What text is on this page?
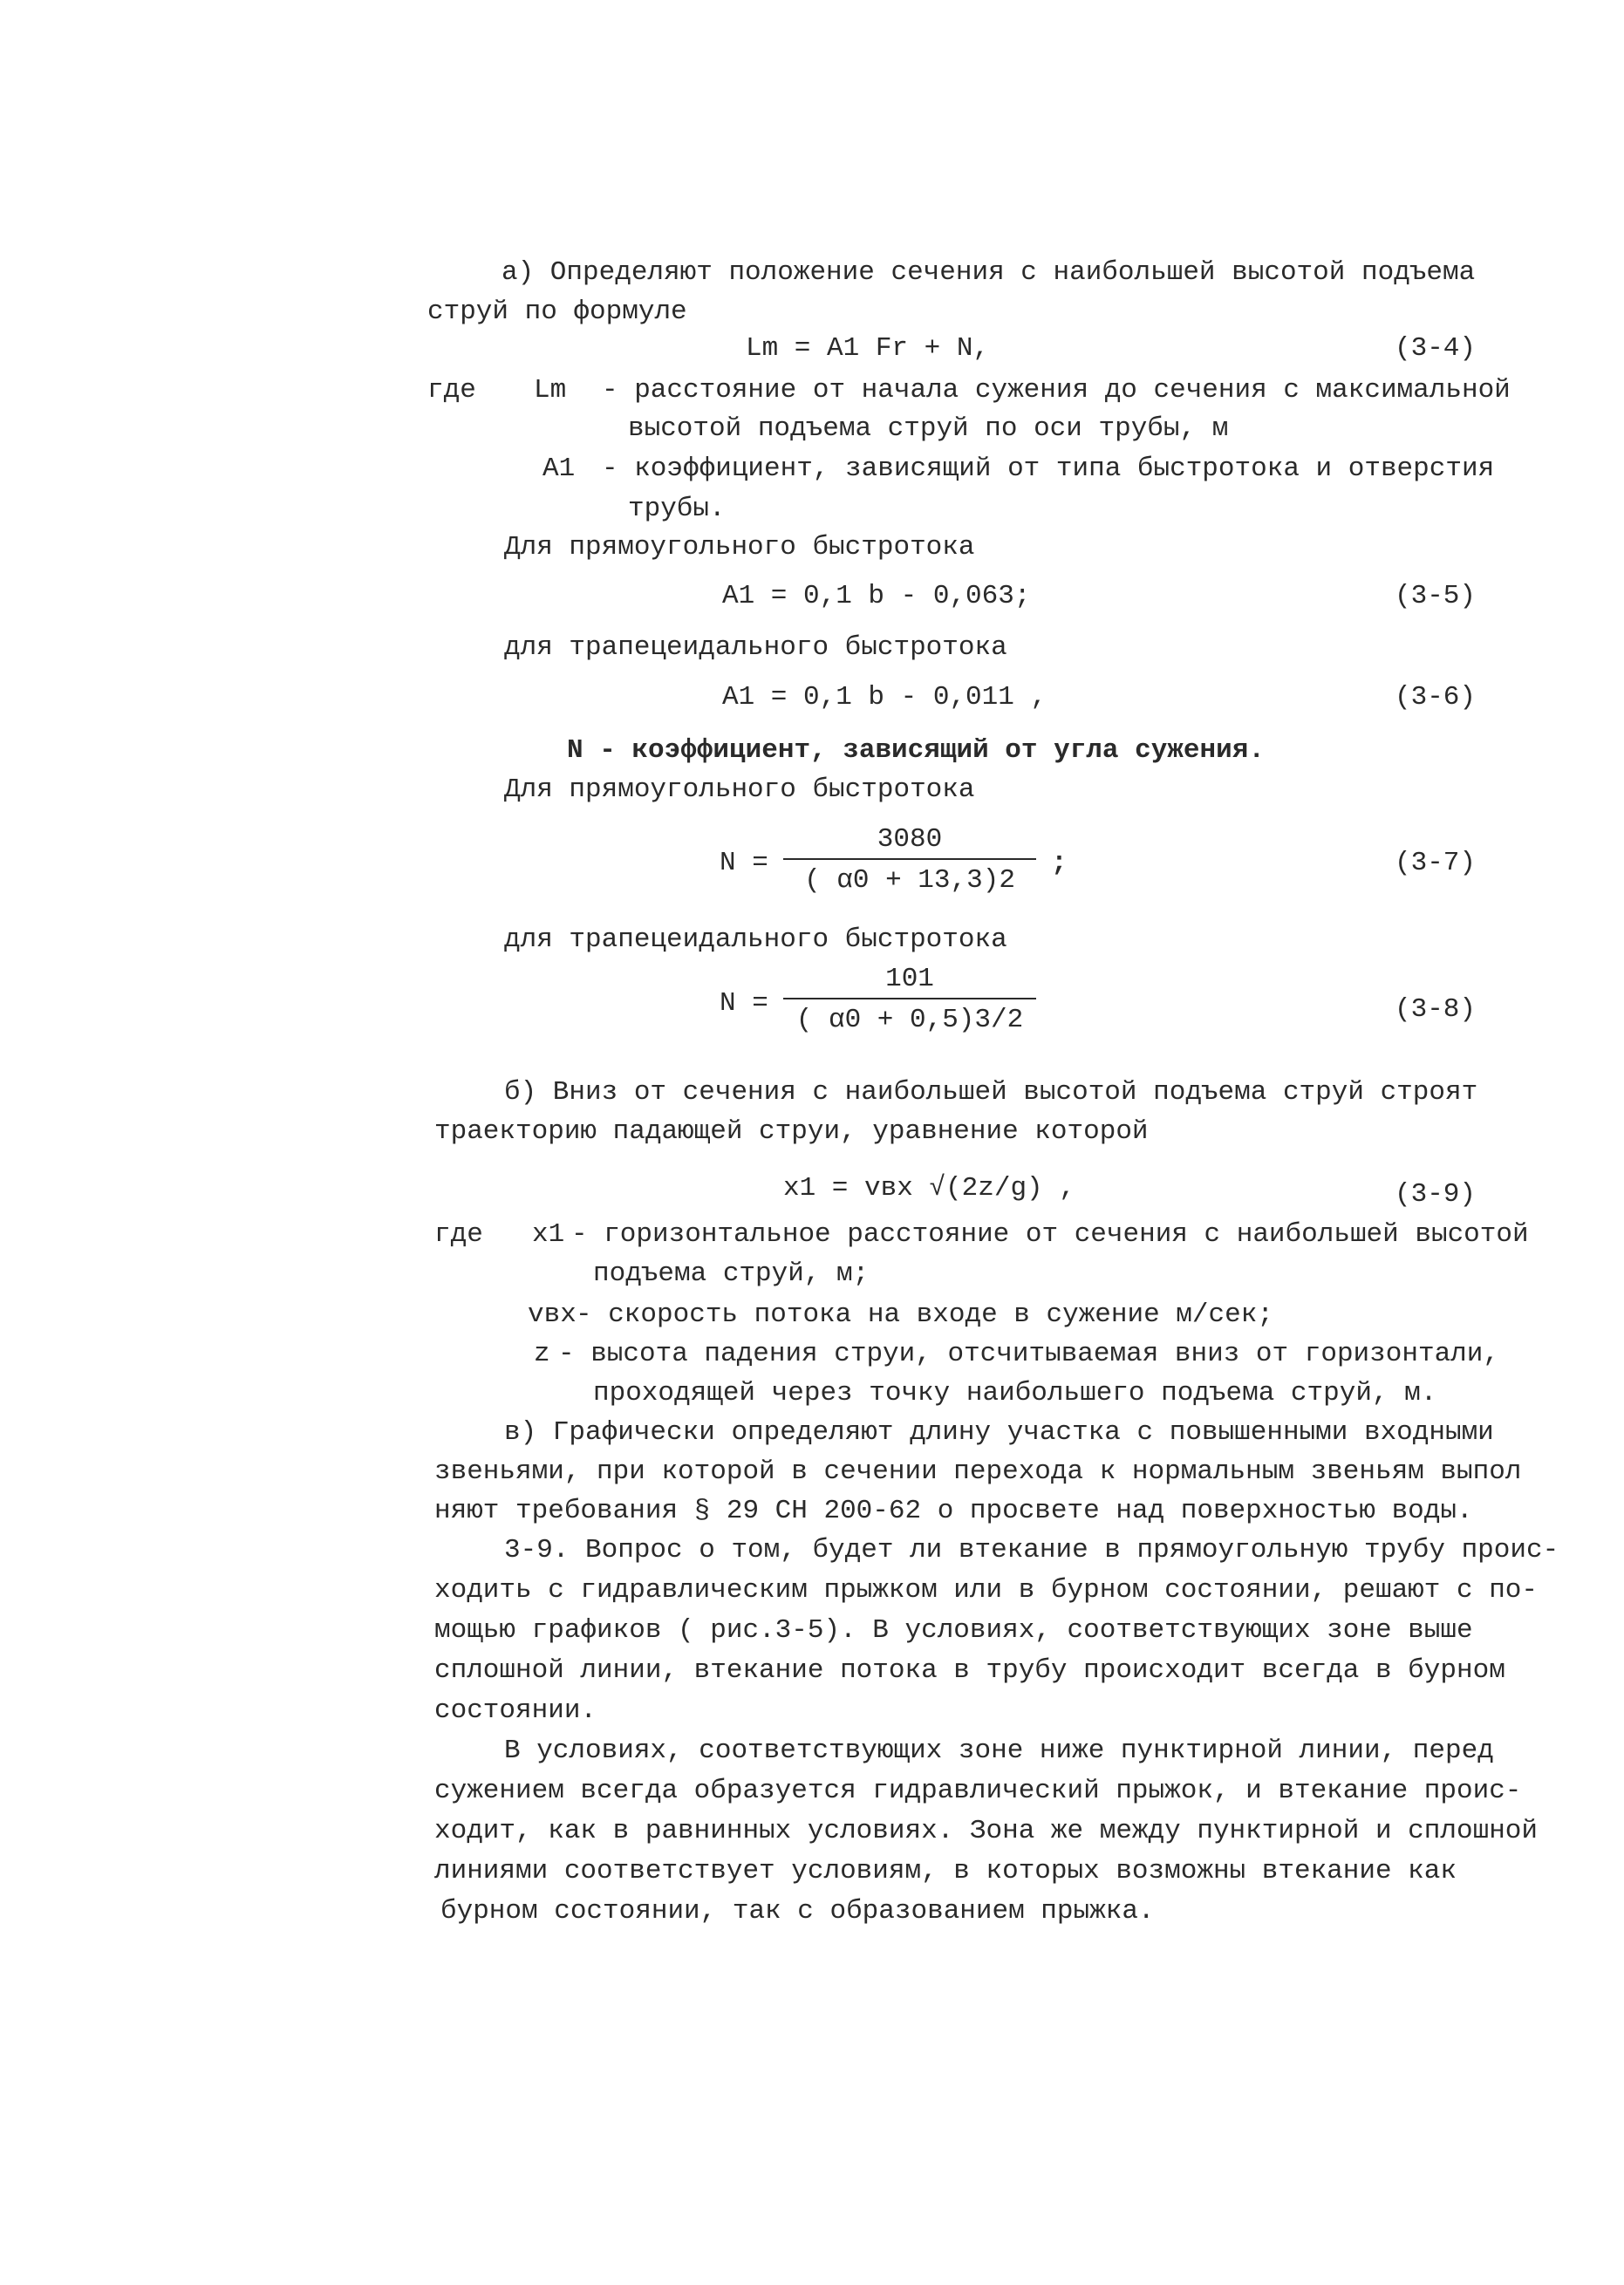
а) Определяют положение сечения с наибольшей высотой подъема
струй по формуле
Lm = A1 Fr + N,	(3-4)
где Lm - расстояние от начала сужения до сечения с максимальной
высотой подъема струй по оси трубы, м
A1 - коэффициент, зависящий от типа быстротока и отверстия
трубы.
Для прямоугольного быстротока
A1 = 0,1 b - 0,063;	(3-5)
для трапецеидального быстротока
A1 = 0,1 b - 0,011 ,	(3-6)
N - коэффициент, зависящий от угла сужения.
Для прямоугольного быстротока
N =
3080
( α0 + 13,3)2
;	(3-7)
для трапецеидального быстротока
N =
101
( α0 + 0,5)3/2	(3-8)
б) Вниз от сечения с наибольшей высотой подъема струй строят
траекторию падающей струи, уравнение которой
x1 = vвх √(2z/g) ,	(3-9)
где x1 - горизонтальное расстояние от сечения с наибольшей высотой
подъема струй, м;
vвх - скорость потока на входе в сужение м/сек;
z - высота падения струи, отсчитываемая вниз от горизонтали,
проходящей через точку наибольшего подъема струй, м.
в) Графически определяют длину участка с повышенными входными
звеньями, при которой в сечении перехода к нормальным звеньям выпол
няют требования § 29 СН 200-62 о просвете над поверхностью воды.
3-9. Вопрос о том, будет ли втекание в прямоугольную трубу проис-
ходить с гидравлическим прыжком или в бурном состоянии, решают с по-
мощью графиков ( рис.3-5). В условиях, соответствующих зоне выше
сплошной линии, втекание потока в трубу происходит всегда в бурном
состоянии.
В условиях, соответствующих зоне ниже пунктирной линии, перед
сужением всегда образуется гидравлический прыжок, и втекание проис-
ходит, как в равнинных условиях. Зона же между пунктирной и сплошной
линиями соответствует условиям, в которых возможны втекание как
бурном состоянии, так с образованием прыжка.
